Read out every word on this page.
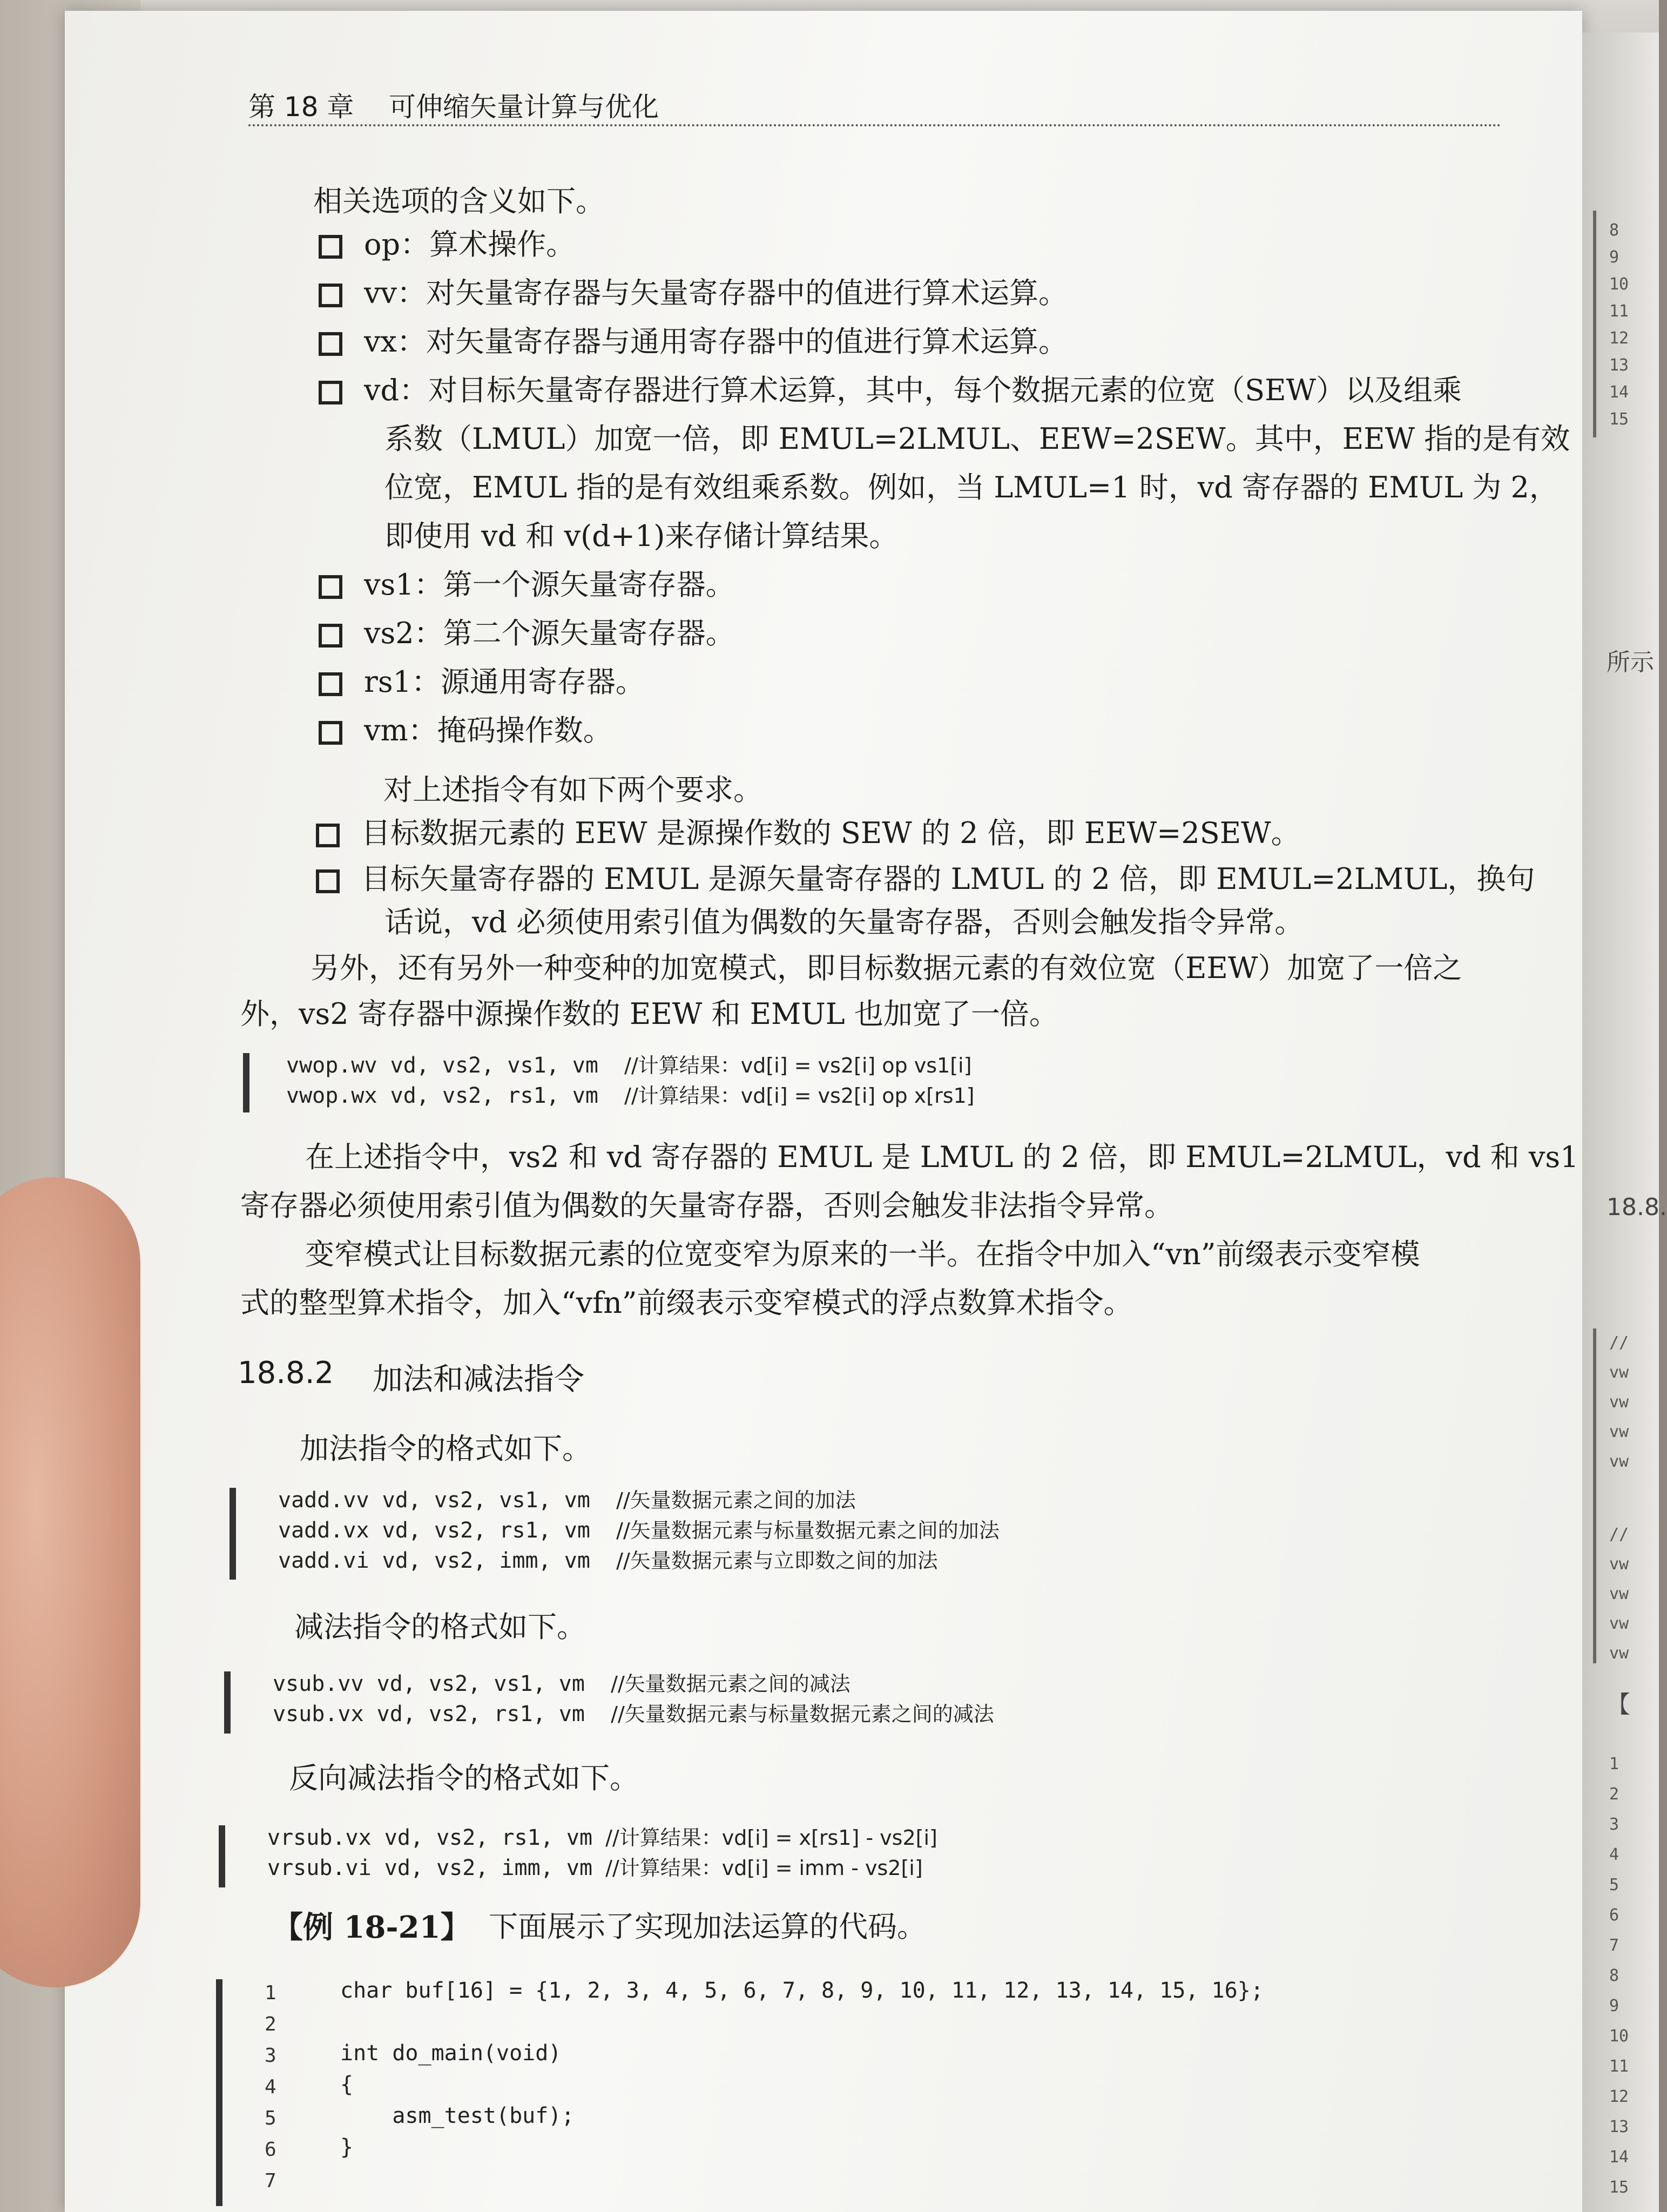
8
9
10
11
12
13
14
15
所示
18.8.
//
vw
vw
vw
vw
//
vw
vw
vw
vw
【
1
2
3
4
5
6
7
8
9
10
11
12
13
14
15
第 18 章 可伸缩矢量计算与优化
相关选项的含义如下。
op：算术操作。
vv：对矢量寄存器与矢量寄存器中的值进行算术运算。
vx：对矢量寄存器与通用寄存器中的值进行算术运算。
vd：对目标矢量寄存器进行算术运算，其中，每个数据元素的位宽（SEW）以及组乘
vs1：第一个源矢量寄存器。
vs2：第二个源矢量寄存器。
rs1：源通用寄存器。
vm：掩码操作数。
系数（LMUL）加宽一倍，即 EMUL=2LMUL、EEW=2SEW。其中，EEW 指的是有效
位宽，EMUL 指的是有效组乘系数。例如，当 LMUL=1 时，vd 寄存器的 EMUL 为 2，
即使用 vd 和 v(d+1)来存储计算结果。
对上述指令有如下两个要求。
目标数据元素的 EEW 是源操作数的 SEW 的 2 倍，即 EEW=2SEW。
目标矢量寄存器的 EMUL 是源矢量寄存器的 LMUL 的 2 倍，即 EMUL=2LMUL，换句
话说，vd 必须使用索引值为偶数的矢量寄存器，否则会触发指令异常。
另外，还有另外一种变种的加宽模式，即目标数据元素的有效位宽（EEW）加宽了一倍之
外，vs2 寄存器中源操作数的 EEW 和 EMUL 也加宽了一倍。
vwop.wv vd, vs2, vs1, vm  //计算结果：vd[i] = vs2[i] op vs1[i]
vwop.wx vd, vs2, rs1, vm  //计算结果：vd[i] = vs2[i] op x[rs1]
在上述指令中，vs2 和 vd 寄存器的 EMUL 是 LMUL 的 2 倍，即 EMUL=2LMUL，vd 和 vs1
寄存器必须使用索引值为偶数的矢量寄存器，否则会触发非法指令异常。
变窄模式让目标数据元素的位宽变窄为原来的一半。在指令中加入“vn”前缀表示变窄模
式的整型算术指令，加入“vfn”前缀表示变窄模式的浮点数算术指令。
18.8.2 加法和减法指令
加法指令的格式如下。
vadd.vv vd, vs2, vs1, vm  //矢量数据元素之间的加法
vadd.vx vd, vs2, rs1, vm  //矢量数据元素与标量数据元素之间的加法
vadd.vi vd, vs2, imm, vm  //矢量数据元素与立即数之间的加法
减法指令的格式如下。
vsub.vv vd, vs2, vs1, vm  //矢量数据元素之间的减法
vsub.vx vd, vs2, rs1, vm  //矢量数据元素与标量数据元素之间的减法
反向减法指令的格式如下。
vrsub.vx vd, vs2, rs1, vm //计算结果：vd[i] = x[rs1] - vs2[i]
vrsub.vi vd, vs2, imm, vm //计算结果：vd[i] = imm - vs2[i]
【例 18-21】 下面展示了实现加法运算的代码。
1	char buf[16] = {1, 2, 3, 4, 5, 6, 7, 8, 9, 10, 11, 12, 13, 14, 15, 16};
2
3	int do_main(void)
4	{
5	asm_test(buf);
6	}
7
